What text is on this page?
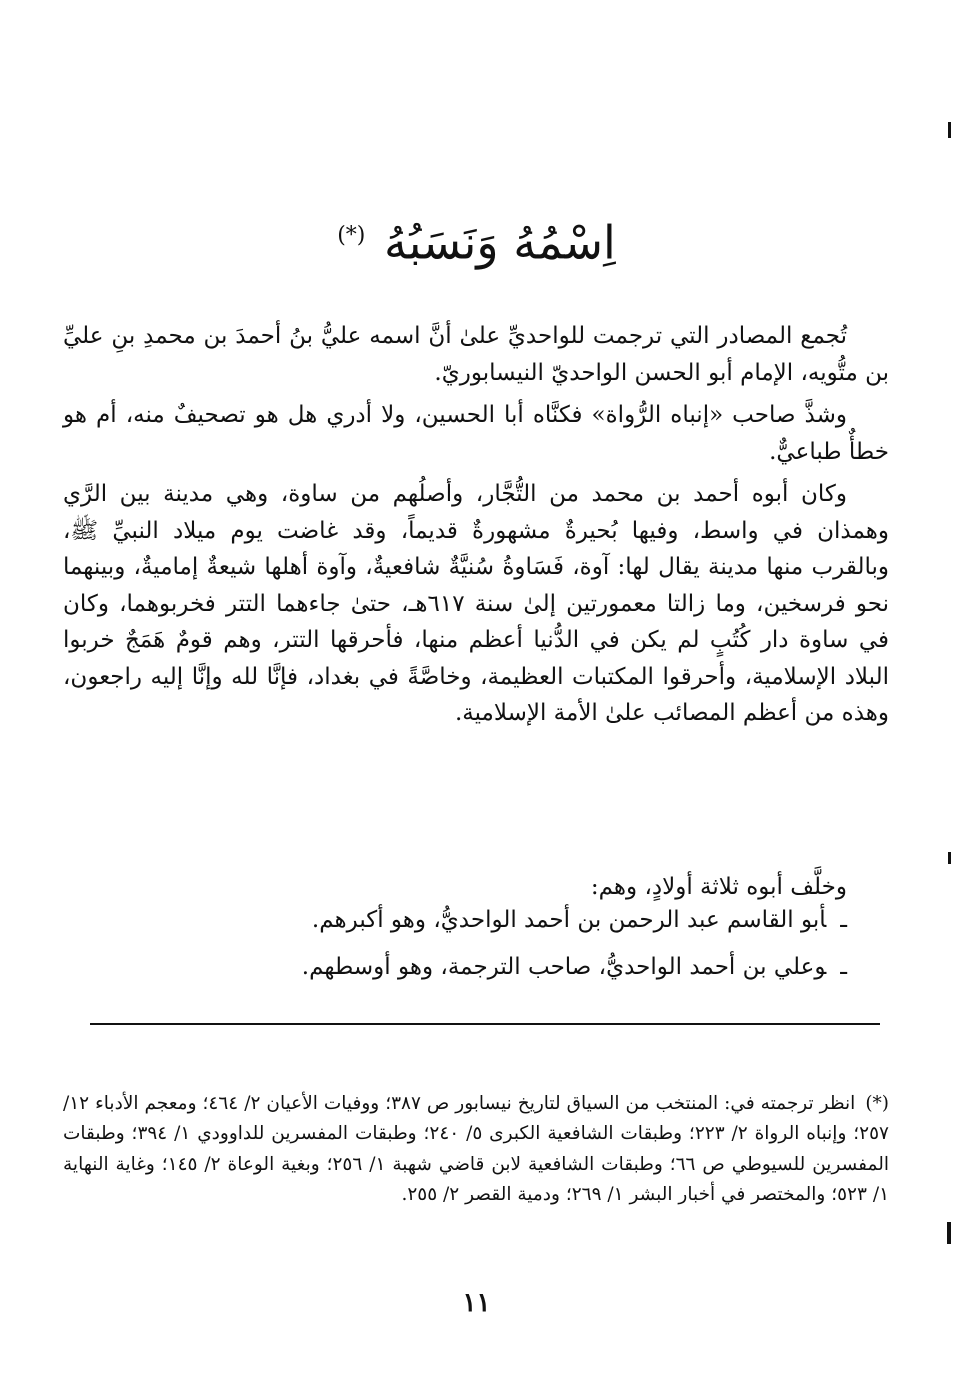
اِسْمُهُ وَنَسَبُهُ (*)

تُجمع المصادر التي ترجمت للواحديِّ علىٰ أنَّ اسمه عليُّ بنُ أحمدَ بن محمدِ بنِ عليِّ بن متُّويه، الإمام أبو الحسن الواحديّ النيسابوريّ.

وشذَّ صاحب «إنباه الرُّواة» فكنَّاه أبا الحسين، ولا أدري هل هو تصحيفٌ منه، أم هو خطأٌ طباعيٌّ.

وكان أبوه أحمد بن محمد من التُّجَّار، وأصلُهم من ساوة، وهي مدينة بين الرَّي وهمذان في واسط، وفيها بُحيرةٌ مشهورةٌ قديماً، وقد غاضت يوم ميلاد النبيِّ ﷺ، وبالقرب منها مدينة يقال لها: آوة، فَسَاوةُ سُنيَّةٌ شافعيةٌ، وآوة أهلها شيعةٌ إماميةٌ، وبينهما نحو فرسخين، وما زالتا معمورتين إلىٰ سنة ٦١٧هـ، حتىٰ جاءهما التتر فخربوهما، وكان في ساوة دار كُتُبٍ لم يكن في الدُّنيا أعظم منها، فأحرقها التتر، وهم قومٌ هَمَجٌ خربوا البلاد الإسلامية، وأحرقوا المكتبات العظيمة، وخاصَّةً في بغداد، فإنَّا لله وإنَّا إليه راجعون، وهذه من أعظم المصائب علىٰ الأمة الإسلامية.

وخلَّف أبوه ثلاثة أولادٍ، وهم:

ـأبو القاسم عبد الرحمن بن أحمد الواحديُّ، وهو أكبرهم.
ـوعلي بن أحمد الواحديُّ، صاحب الترجمة، وهو أوسطهم.

(*)انظر ترجمته في: المنتخب من السياق لتاريخ نيسابور ص ٣٨٧؛ ووفيات الأعيان ٢/ ٤٦٤؛ ومعجم الأدباء ١٢/ ٢٥٧؛ وإنباه الرواة ٢/ ٢٢٣؛ وطبقات الشافعية الكبرى ٥/ ٢٤٠؛ وطبقات المفسرين للداوودي ١/ ٣٩٤؛ وطبقات المفسرين للسيوطي ص ٦٦؛ وطبقات الشافعية لابن قاضي شهبة ١/ ٢٥٦؛ وبغية الوعاة ٢/ ١٤٥؛ وغاية النهاية ١/ ٥٢٣؛ والمختصر في أخبار البشر ١/ ٢٦٩؛ ودمية القصر ٢/ ٢٥٥.

١١
